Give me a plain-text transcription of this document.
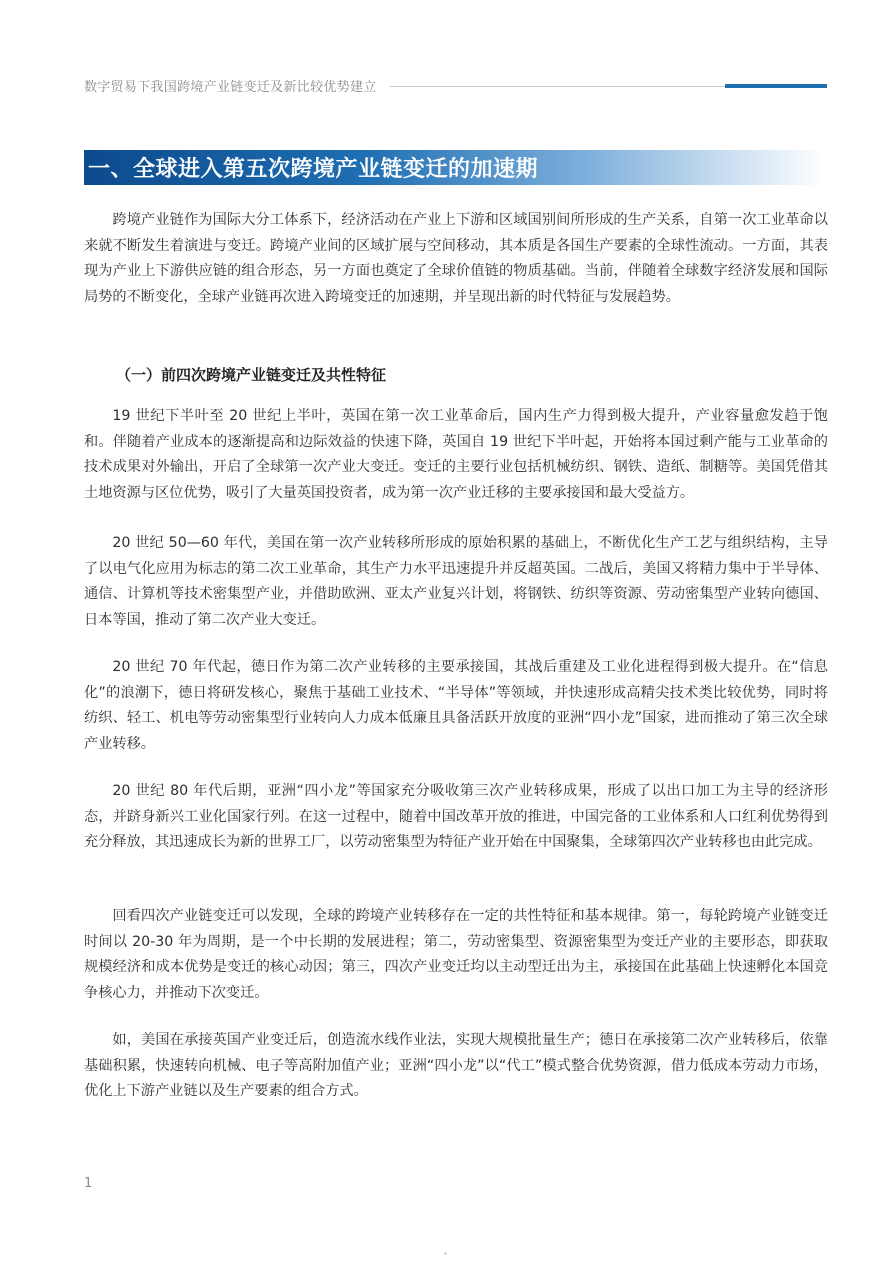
数字贸易下我国跨境产业链变迁及新比较优势建立
一、全球进入第五次跨境产业链变迁的加速期

跨境产业链作为国际大分工体系下，经济活动在产业上下游和区域国别间所形成的生产关系，自第一次工业革命以来就不断发生着演进与变迁。跨境产业间的区域扩展与空间移动，其本质是各国生产要素的全球性流动。一方面，其表现为产业上下游供应链的组合形态，另一方面也奠定了全球价值链的物质基础。当前，伴随着全球数字经济发展和国际局势的不断变化，全球产业链再次进入跨境变迁的加速期，并呈现出新的时代特征与发展趋势。

（一）前四次跨境产业链变迁及共性特征

19 世纪下半叶至 20 世纪上半叶，英国在第一次工业革命后，国内生产力得到极大提升，产业容量愈发趋于饱和。伴随着产业成本的逐渐提高和边际效益的快速下降，英国自 19 世纪下半叶起，开始将本国过剩产能与工业革命的技术成果对外输出，开启了全球第一次产业大变迁。变迁的主要行业包括机械纺织、钢铁、造纸、制糖等。美国凭借其土地资源与区位优势，吸引了大量英国投资者，成为第一次产业迁移的主要承接国和最大受益方。

20 世纪 50—60 年代，美国在第一次产业转移所形成的原始积累的基础上，不断优化生产工艺与组织结构，主导了以电气化应用为标志的第二次工业革命，其生产力水平迅速提升并反超英国。二战后，美国又将精力集中于半导体、通信、计算机等技术密集型产业，并借助欧洲、亚太产业复兴计划，将钢铁、纺织等资源、劳动密集型产业转向德国、日本等国，推动了第二次产业大变迁。

20 世纪 70 年代起，德日作为第二次产业转移的主要承接国，其战后重建及工业化进程得到极大提升。在“信息化”的浪潮下，德日将研发核心，聚焦于基础工业技术、“半导体”等领域，并快速形成高精尖技术类比较优势，同时将纺织、轻工、机电等劳动密集型行业转向人力成本低廉且具备活跃开放度的亚洲“四小龙”国家，进而推动了第三次全球产业转移。

20 世纪 80 年代后期，亚洲“四小龙”等国家充分吸收第三次产业转移成果，形成了以出口加工为主导的经济形态，并跻身新兴工业化国家行列。在这一过程中，随着中国改革开放的推进，中国完备的工业体系和人口红利优势得到充分释放，其迅速成长为新的世界工厂，以劳动密集型为特征产业开始在中国聚集，全球第四次产业转移也由此完成。

回看四次产业链变迁可以发现，全球的跨境产业转移存在一定的共性特征和基本规律。第一，每轮跨境产业链变迁时间以 20-30 年为周期，是一个中长期的发展进程；第二，劳动密集型、资源密集型为变迁产业的主要形态，即获取规模经济和成本优势是变迁的核心动因；第三，四次产业变迁均以主动型迁出为主，承接国在此基础上快速孵化本国竞争核心力，并推动下次变迁。

如，美国在承接英国产业变迁后，创造流水线作业法，实现大规模批量生产；德日在承接第二次产业转移后，依靠基础积累，快速转向机械、电子等高附加值产业；亚洲“四小龙”以“代工”模式整合优势资源，借力低成本劳动力市场，优化上下游产业链以及生产要素的组合方式。

1
